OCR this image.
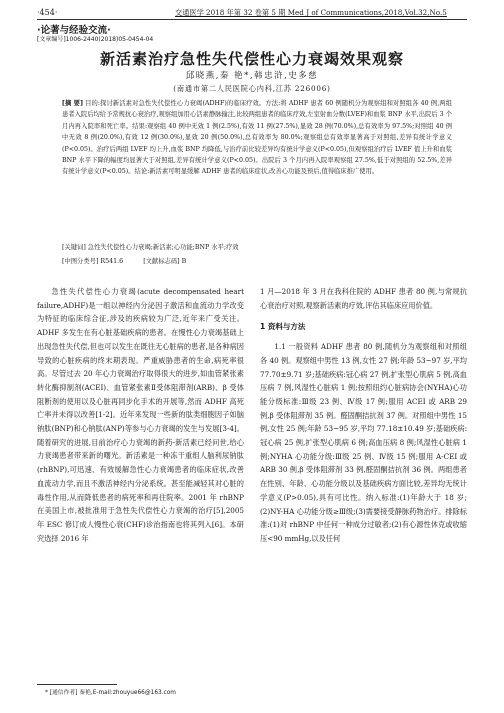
·454·	交通医学 2018 年第 32 卷第 5 期 Med J of Communications,2018,Vol.32,No.5
·论著与经验交流·
[文章编号]1006-2440(2018)05-0454-04
新活素治疗急性失代偿性心力衰竭效果观察
邱晓燕,秦 艳*,韩忠浒,史多慈
(南通市第二人民医院心内科,江苏 226006)
[摘 要] 目的:探讨新活素对急性失代偿性心力衰竭(ADHF)的临床疗效。方法:将 ADHF 患者 60 例随机分为观察组和对照组各 40 例,两组患者入院后均给予常规抗心衰治疗,观察组加用心活素静脉输注,比较两组患者的临床疗效,左室射血分数(LVEF)和血浆 BNP 水平,出院后 3 个月内再入院率和死亡率。结果:观察组 40 例中无效 1 例(2.5%),有效 11 例(27.5%),显效 28 例(70.0%),总有效率为 97.5%;对照组 40 例中无效 8 例(20.0%),有效 12 例(30.0%),显效 20 例(50.0%),总有效率为 80.0%;观察组总有效率显著高于对照组,差异有统计学意义(P<0.05)。治疗后两组 LVEF 均上升,血浆 BNP 均降低,与治疗前比较差异均有统计学意义(P<0.05),但观察组治疗后 LVEF 值上升和血浆 BNP 水平下降的幅度均显著大于对照组,差异有统计学意义(P<0.05)。出院后 3 个月内再入院率观察组 27.5%,低于对照组的 52.5%,差异有统计学意义(P<0.05)。结论:新活素可明显缓解 ADHF 患者的临床症状,改善心功能及预后,值得临床推广使用。
[关键词] 急性失代偿性心力衰竭;新活素;心功能;BNP 水平;疗效
[中图分类号] R541.6	[文献标志码] B

急性失代偿性心力衰竭(acute decompensated heart failure,ADHF)是一组以神经内分泌因子激活和血流动力学改变为特征的临床综合征,涉及的疾病较为广泛,近年来广受关注。ADHF 多发生在有心脏基础疾病的患者。在慢性心力衰竭基础上出现急性失代偿,但也可以发生在既往无心脏病的患者,是各种病因导致的心脏疾病的终末期表现。严重威胁患者的生命,病死率很高。尽管过去 20 年心力衰竭治疗取得很大的进步,如血管紧张素转化酶抑制剂(ACEI)、血管紧张素Ⅱ受体阻滞剂(ARB)、β 受体阻断剂的使用以及心脏再同步化手术的开展等,然而 ADHF 高死亡率并未得以改善[1-2]。近年来发现一些新的肽类细胞因子如脑钠肽(BNP)和心钠肽(ANP)等参与心力衰竭的发生与发展[3-4]。随着研究的进展,目前治疗心力衰竭的新药-新活素已经问世,给心力衰竭患者带来新的曙光。新活素是一种冻干重组人脑利尿钠肽(rhBNP),可迅速、有效缓解急性心力衰竭患者的临床症状,改善血流动力学,而且不激活神经内分泌系统。甚至能减轻其对心脏的毒性作用,从而降低患者的病死率和再住院率。2001 年 rhBNP 在美国上市,被批准用于急性失代偿性心力衰竭的治疗[5],2005 年 ESC 修订成人慢性心衰(CHF)诊治指南也将其列入[6]。本研究选择 2016 年

1 月—2018 年 3 月在我科住院的 ADHF 患者 80 例,与常规抗心衰治疗对照,观察新活素的疗效,评估其临床应用价值。

1 资料与方法

1.1 一般资料 ADHF 患者 80 例,随机分为观察组和对照组各 40 例。观察组中男性 13 例,女性 27 例;年龄 53~97 岁,平均 77.70±9.71 岁;基础疾病:冠心病 27 例,扩张型心肌病 5 例,高血压病 7 例,风湿性心脏病 1 例;按照纽约心脏病协会(NYHA)心功能分级标准:Ⅲ级 23 例、Ⅳ级 17 例;服用 ACEI 或 ARB 29 例,β 受体阻滞剂 35 例。醛固酮拮抗剂 37 例。对照组中男性 15 例,女性 25 例;年龄 53~95 岁,平均 77.18±10.49 岁;基础疾病:冠心病 25 例,扩张型心肌病 6 例;高血压病 8 例;风湿性心脏病 1 例;NYHA 心功能分级:Ⅲ级 25 例、Ⅳ级 15 例;服用 A-CEI 或 ARB 30 例,β 受体阻滞剂 33 例,醛固酮拮抗剂 36 例。两组患者在性别、年龄、心功能分级以及基础疾病方面比较,差异均无统计学意义(P>0.05),具有可比性。纳入标准:(1)年龄大于 18 岁;(2)NY-HA 心功能分级≥Ⅲ级;(3)需要接受静脉药物治疗。排除标准:(1)对 rhBNP 中任何一种成分过敏者;(2)有心源性休克或收缩压<90 mmHg,以及任何

* [通信作者] 秦艳,E-mail:zhouyue66@163.com
